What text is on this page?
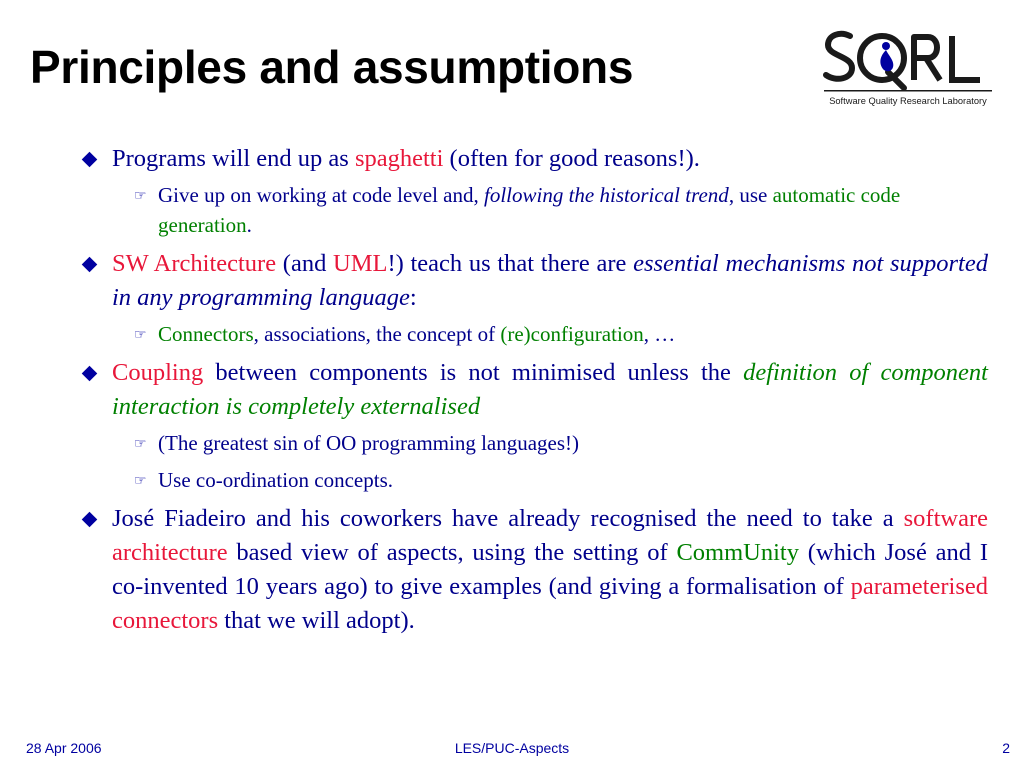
Principles and assumptions
Software Quality Research Laboratory
Programs will end up as spaghetti (often for good reasons!).
☞ Give up on working at code level and, following the historical trend, use automatic code generation.
SW Architecture (and UML!) teach us that there are essential mechanisms not supported in any programming language:
☞ Connectors, associations, the concept of (re)configuration, …
Coupling between components is not minimised unless the definition of component interaction is completely externalised
☞ (The greatest sin of OO programming languages!)
☞ Use co-ordination concepts.
José Fiadeiro and his coworkers have already recognised the need to take a software architecture based view of aspects, using the setting of CommUnity (which José and I co-invented 10 years ago) to give examples (and giving a formalisation of parameterised connectors that we will adopt).
28 Apr 2006	LES/PUC-Aspects	2
